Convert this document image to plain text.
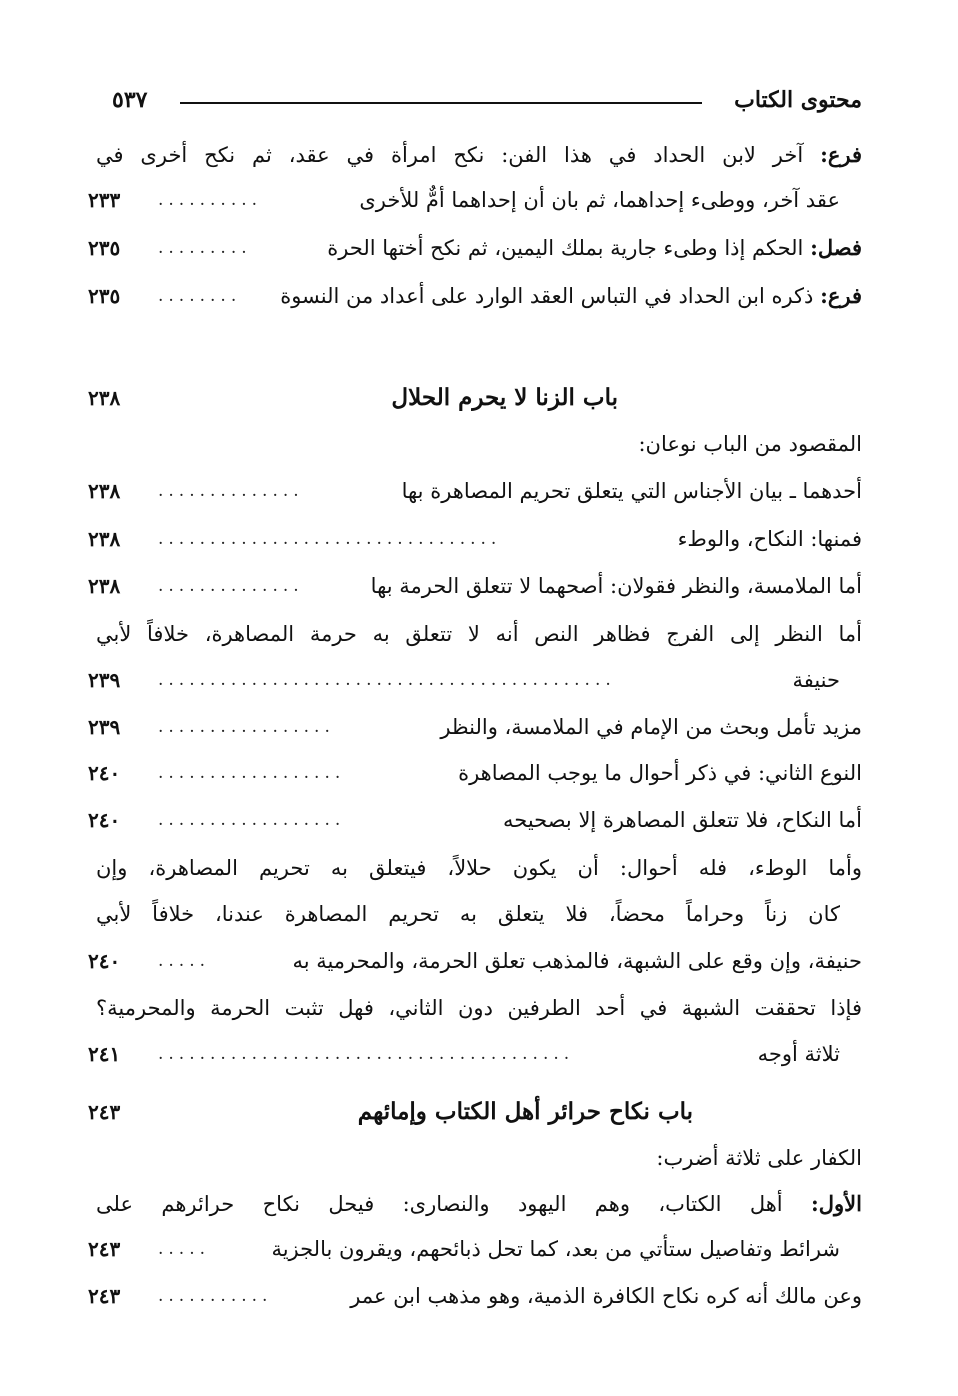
محتوى الكتاب
٥٣٧
فرع: آخر لابن الحداد في هذا الفن: نكح امرأة في عقد، ثم نكح أخرى في
عقد آخر، ووطىء إحداهما، ثم بان أن إحداهما أمٌّ للأخرى
..........
٢٣٣
فصل: الحكم إذا وطىء جارية بملك اليمين، ثم نكح أختها الحرة
.........
٢٣٥
فرع: ذكره ابن الحداد في التباس العقد الوارد على أعداد من النسوة
........
٢٣٥
باب الزنا لا يحرم الحلال
٢٣٨
المقصود من الباب نوعان:
أحدهما ـ بيان الأجناس التي يتعلق تحريم المصاهرة بها
..............
٢٣٨
فمنها: النكاح، والوطء
.................................
٢٣٨
أما الملامسة، والنظر فقولان: أصحهما لا تتعلق الحرمة بها
..............
٢٣٨
أما النظر إلى الفرج فظاهر النص أنه لا تتعلق به حرمة المصاهرة، خلافاً لأبي
حنيفة
............................................
٢٣٩
مزيد تأمل وبحث من الإمام في الملامسة، والنظر
.................
٢٣٩
النوع الثاني: في ذكر أحوال ما يوجب المصاهرة
..................
٢٤٠
أما النكاح، فلا تتعلق المصاهرة إلا بصحيحه
..................
٢٤٠
وأما الوطء، فله أحوال: أن يكون حلالاً، فيتعلق به تحريم المصاهرة، وإن
كان زناً وحراماً محضاً، فلا يتعلق به تحريم المصاهرة عندنا، خلافاً لأبي
حنيفة، وإن وقع على الشبهة، فالمذهب تعلق الحرمة، والمحرمية به
.....
٢٤٠
فإذا تحققت الشبهة في أحد الطرفين دون الثاني، فهل تثبت الحرمة والمحرمية؟
ثلاثة أوجه
........................................
٢٤١
باب نكاح حرائر أهل الكتاب وإمائهم
٢٤٣
الكفار على ثلاثة أضرب:
الأول: أهل الكتاب، وهم اليهود والنصارى: فيحل نكاح حرائرهم على
شرائط وتفاصيل ستأتي من بعد، كما تحل ذبائحهم، ويقرون بالجزية
.....
٢٤٣
وعن مالك أنه كره نكاح الكافرة الذمية، وهو مذهب ابن عمر
...........
٢٤٣
